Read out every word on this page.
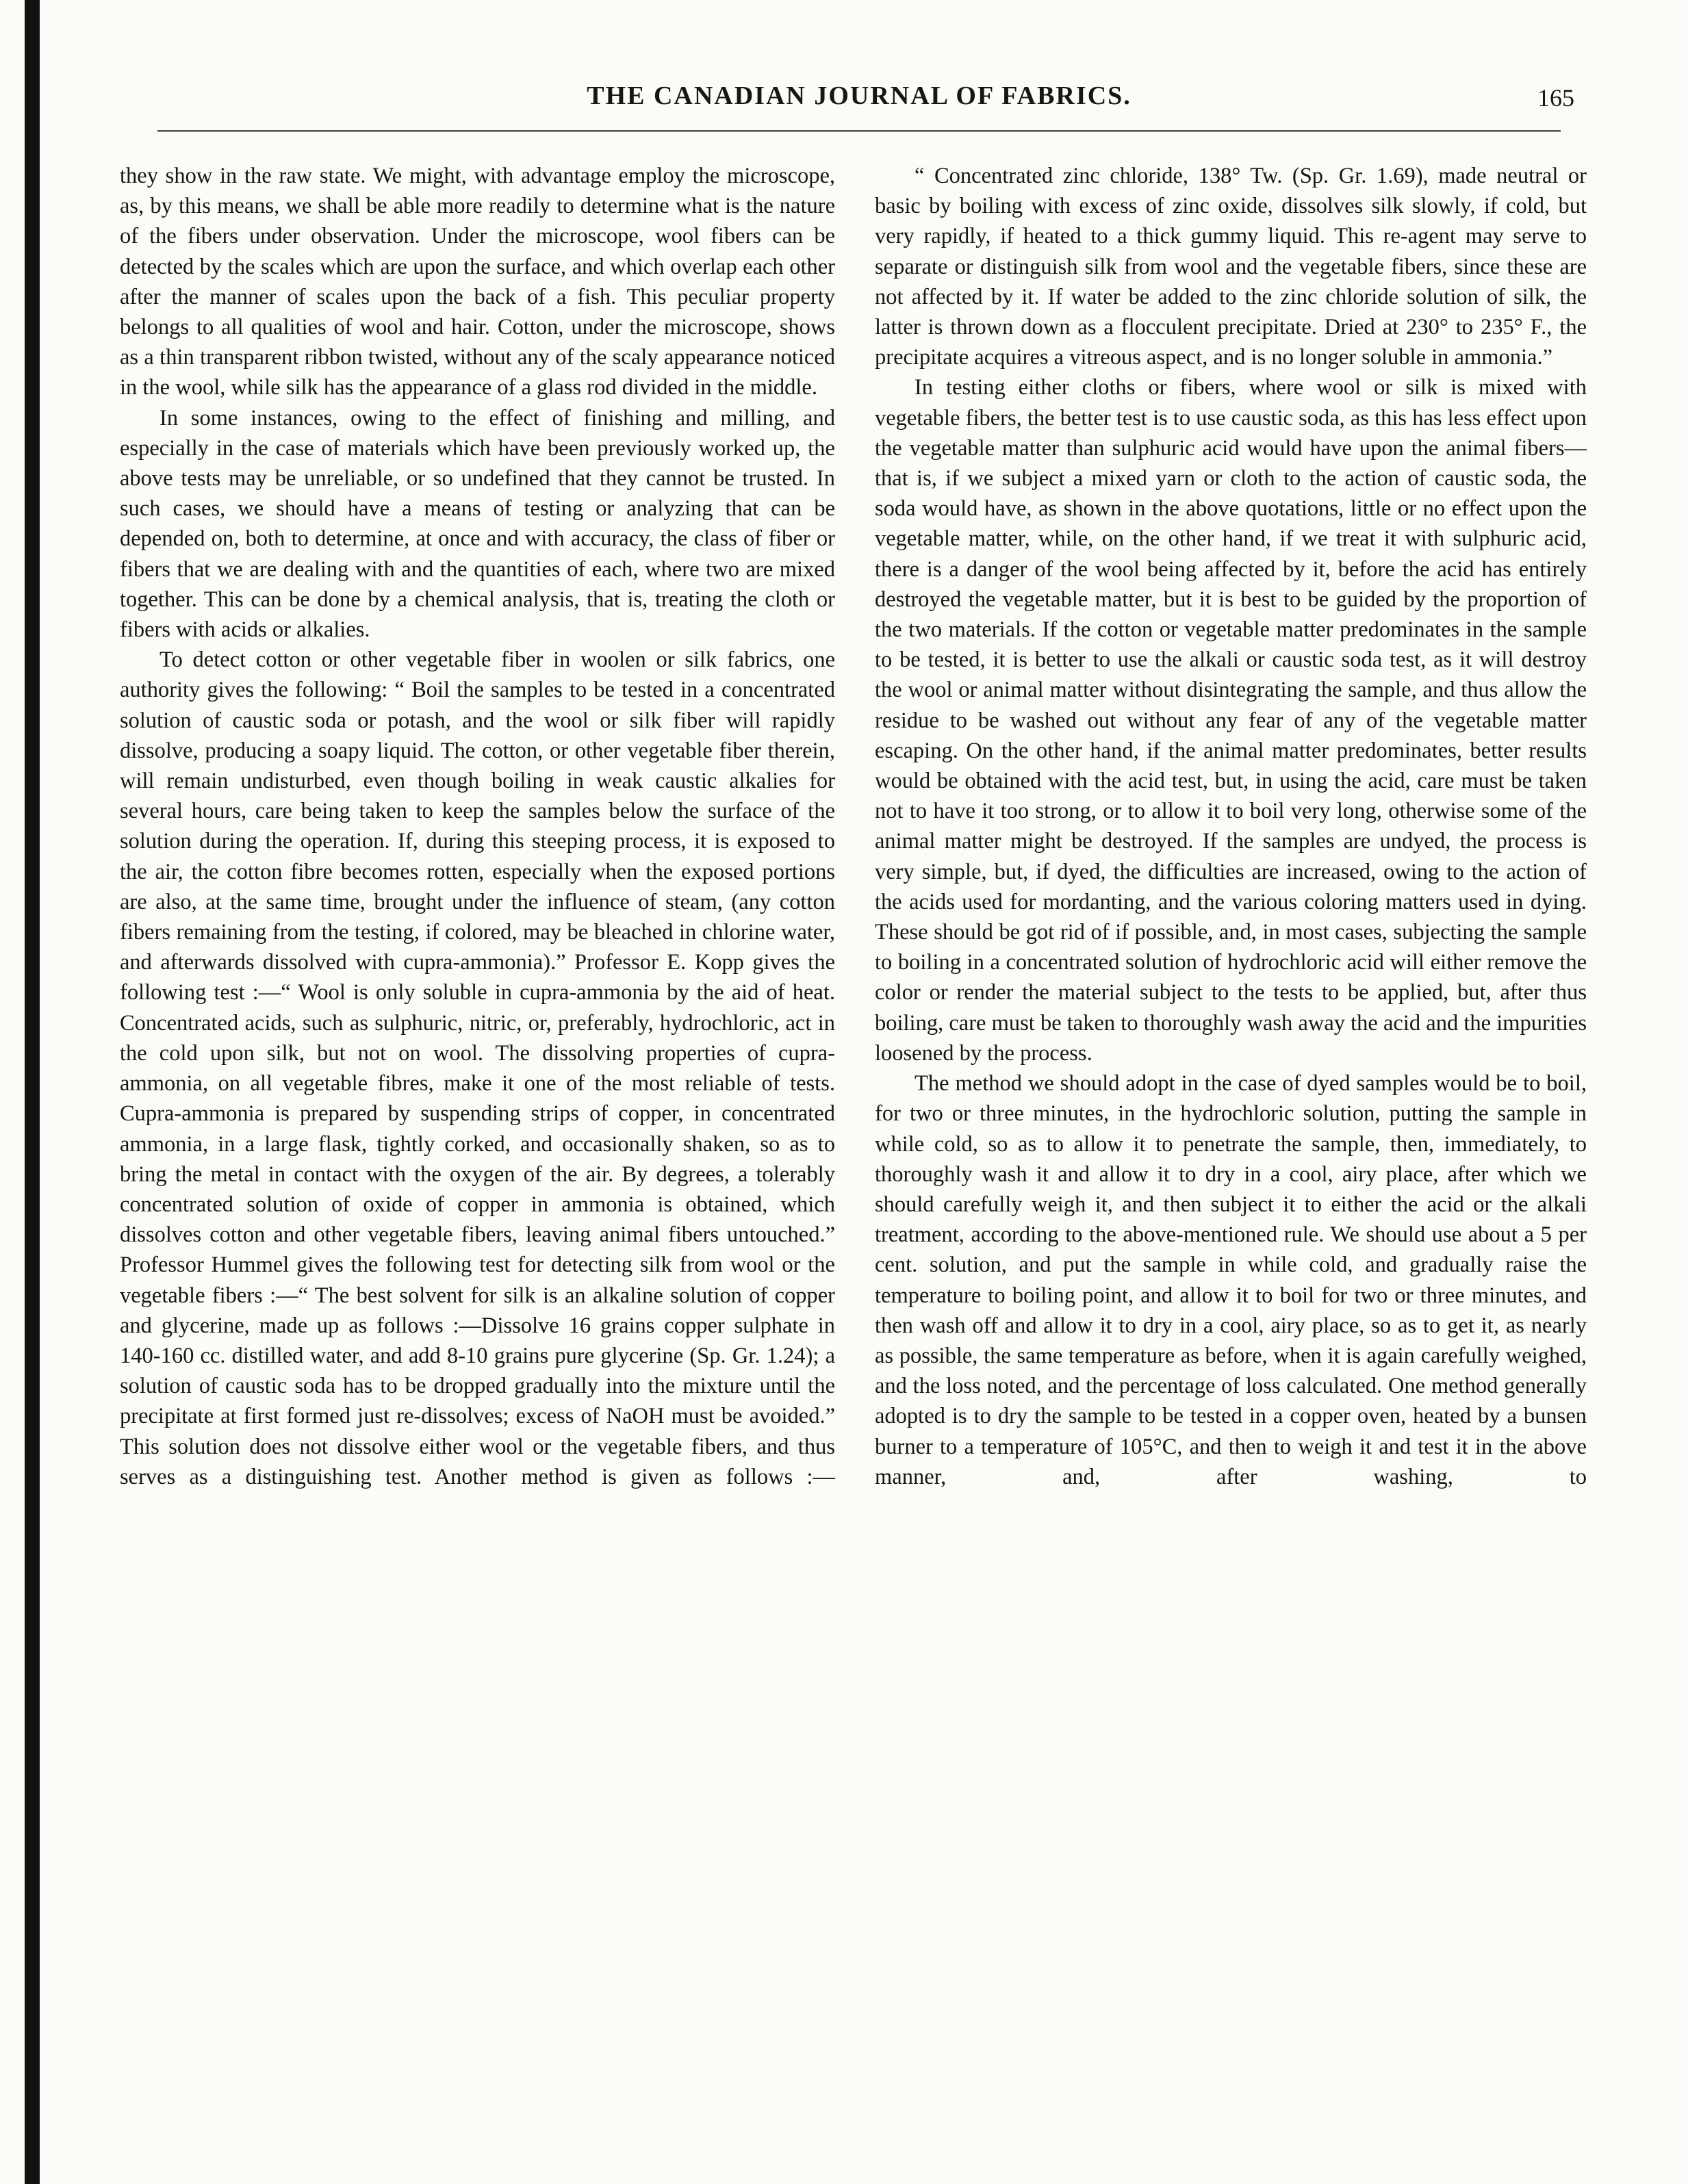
THE CANADIAN JOURNAL OF FABRICS.	165

they show in the raw state. We might, with advantage employ the microscope, as, by this means, we shall be able more readily to determine what is the nature of the fibers under observation. Under the microscope, wool fibers can be detected by the scales which are upon the surface, and which overlap each other after the manner of scales upon the back of a fish. This peculiar property belongs to all qualities of wool and hair. Cotton, under the microscope, shows as a thin transparent ribbon twisted, without any of the scaly appearance noticed in the wool, while silk has the appearance of a glass rod divided in the middle.

In some instances, owing to the effect of finishing and milling, and especially in the case of materials which have been previously worked up, the above tests may be unreliable, or so undefined that they cannot be trusted. In such cases, we should have a means of testing or analyzing that can be depended on, both to determine, at once and with accuracy, the class of fiber or fibers that we are dealing with and the quantities of each, where two are mixed together. This can be done by a chemical analysis, that is, treating the cloth or fibers with acids or alkalies.

To detect cotton or other vegetable fiber in woolen or silk fabrics, one authority gives the following: “ Boil the samples to be tested in a concentrated solution of caustic soda or potash, and the wool or silk fiber will rapidly dissolve, producing a soapy liquid. The cotton, or other vegetable fiber therein, will remain undisturbed, even though boiling in weak caustic alkalies for several hours, care being taken to keep the samples below the surface of the solution during the operation. If, during this steeping process, it is exposed to the air, the cotton fibre becomes rotten, especially when the exposed portions are also, at the same time, brought under the influence of steam, (any cotton fibers remaining from the testing, if colored, may be bleached in chlorine water, and afterwards dissolved with cupra-ammonia).” Professor E. Kopp gives the following test :—“ Wool is only soluble in cupra-ammonia by the aid of heat. Concentrated acids, such as sulphuric, nitric, or, preferably, hydrochloric, act in the cold upon silk, but not on wool. The dissolving properties of cupra-ammonia, on all vegetable fibres, make it one of the most reliable of tests. Cupra-ammonia is prepared by suspending strips of copper, in concentrated ammonia, in a large flask, tightly corked, and occasionally shaken, so as to bring the metal in contact with the oxygen of the air. By degrees, a tolerably concentrated solution of oxide of copper in ammonia is obtained, which dissolves cotton and other vegetable fibers, leaving animal fibers untouched.” Professor Hummel gives the following test for detecting silk from wool or the vegetable fibers :—“ The best solvent for silk is an alkaline solution of copper and glycerine, made up as follows :—Dissolve 16 grains copper sulphate in 140-160 cc. distilled water, and add 8-10 grains pure glycerine (Sp. Gr. 1.24); a solution of caustic soda has to be dropped gradually into the mixture until the precipitate at first formed just re-dissolves; excess of NaOH must be avoided.” This solution does not dissolve either wool or the vegetable fibers, and thus serves as a distinguishing test. Another method is given as follows :—

“ Concentrated zinc chloride, 138° Tw. (Sp. Gr. 1.69), made neutral or basic by boiling with excess of zinc oxide, dissolves silk slowly, if cold, but very rapidly, if heated to a thick gummy liquid. This re-agent may serve to separate or distinguish silk from wool and the vegetable fibers, since these are not affected by it. If water be added to the zinc chloride solution of silk, the latter is thrown down as a flocculent precipitate. Dried at 230° to 235° F., the precipitate acquires a vitreous aspect, and is no longer soluble in ammonia.”

In testing either cloths or fibers, where wool or silk is mixed with vegetable fibers, the better test is to use caustic soda, as this has less effect upon the vegetable matter than sulphuric acid would have upon the animal fibers—that is, if we subject a mixed yarn or cloth to the action of caustic soda, the soda would have, as shown in the above quotations, little or no effect upon the vegetable matter, while, on the other hand, if we treat it with sulphuric acid, there is a danger of the wool being affected by it, before the acid has entirely destroyed the vegetable matter, but it is best to be guided by the proportion of the two materials. If the cotton or vegetable matter predominates in the sample to be tested, it is better to use the alkali or caustic soda test, as it will destroy the wool or animal matter without disintegrating the sample, and thus allow the residue to be washed out without any fear of any of the vegetable matter escaping. On the other hand, if the animal matter predominates, better results would be obtained with the acid test, but, in using the acid, care must be taken not to have it too strong, or to allow it to boil very long, otherwise some of the animal matter might be destroyed. If the samples are undyed, the process is very simple, but, if dyed, the difficulties are increased, owing to the action of the acids used for mordanting, and the various coloring matters used in dying. These should be got rid of if possible, and, in most cases, subjecting the sample to boiling in a concentrated solution of hydrochloric acid will either remove the color or render the material subject to the tests to be applied, but, after thus boiling, care must be taken to thoroughly wash away the acid and the impurities loosened by the process.

The method we should adopt in the case of dyed samples would be to boil, for two or three minutes, in the hydrochloric solution, putting the sample in while cold, so as to allow it to penetrate the sample, then, immediately, to thoroughly wash it and allow it to dry in a cool, airy place, after which we should carefully weigh it, and then subject it to either the acid or the alkali treatment, according to the above-mentioned rule. We should use about a 5 per cent. solution, and put the sample in while cold, and gradually raise the temperature to boiling point, and allow it to boil for two or three minutes, and then wash off and allow it to dry in a cool, airy place, so as to get it, as nearly as possible, the same temperature as before, when it is again carefully weighed, and the loss noted, and the percentage of loss calculated. One method generally adopted is to dry the sample to be tested in a copper oven, heated by a bunsen burner to a temperature of 105°C, and then to weigh it and test it in the above manner, and, after washing, to
